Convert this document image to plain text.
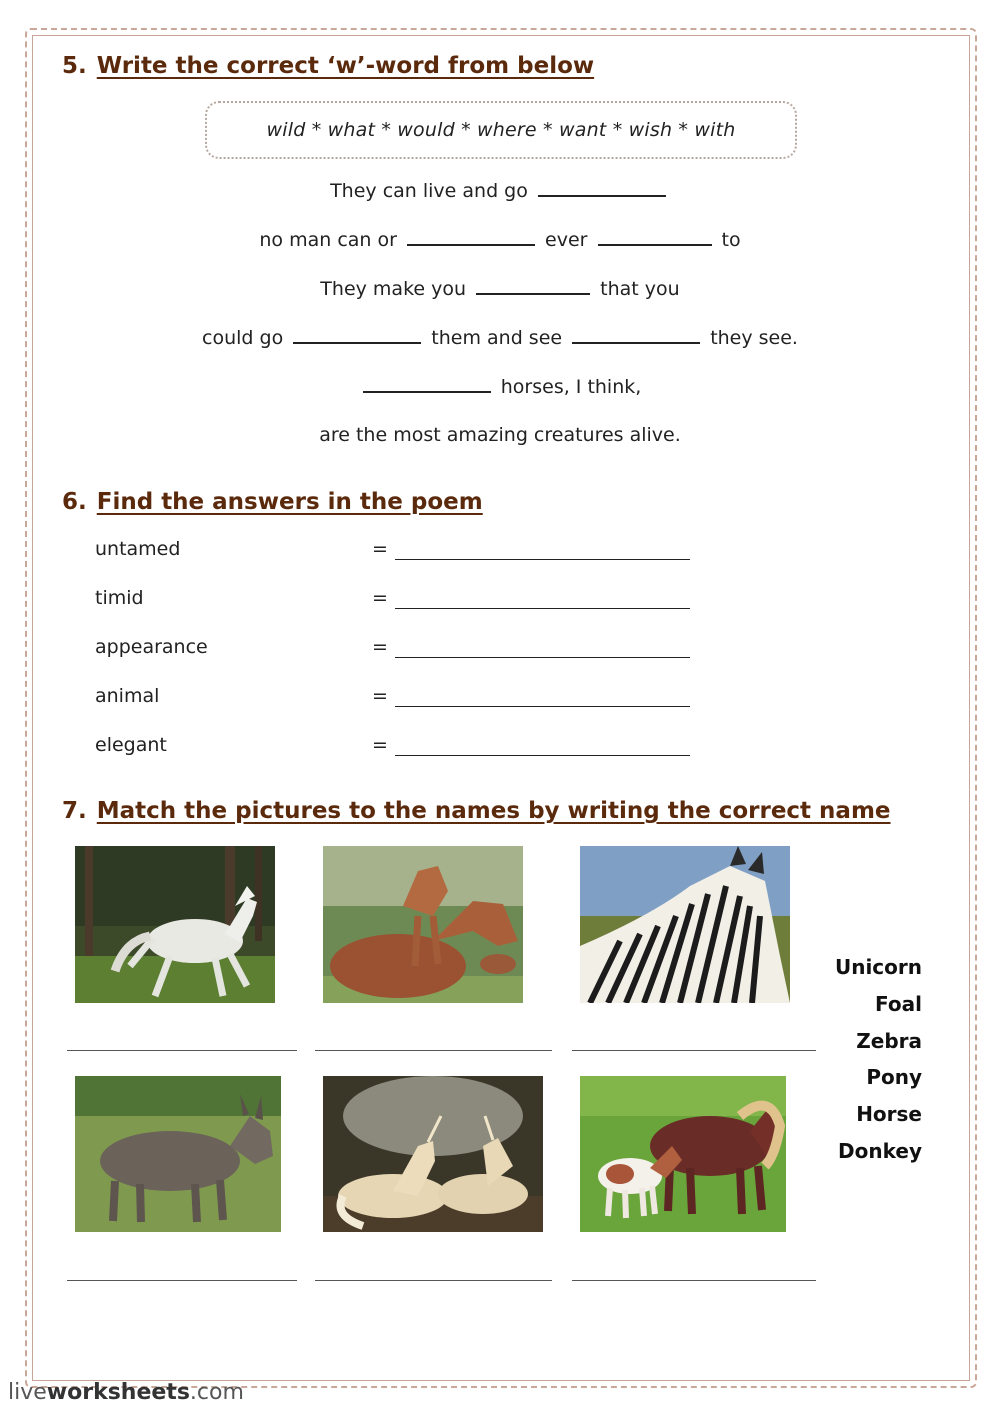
5. Write the correct ‘w’-word from below
wild * what * would * where * want * wish * with
They can live and go
no man can or	ever	to
They make you	that you
could go	them and see	they see.
horses, I think,
are the most amazing creatures alive.
6. Find the answers in the poem
untamed	=
timid	=
appearance	=
animal	=
elegant	=
7. Match the pictures to the names by writing the correct name
Unicorn
Foal
Zebra
Pony
Horse
Donkey
liveworksheets.com
